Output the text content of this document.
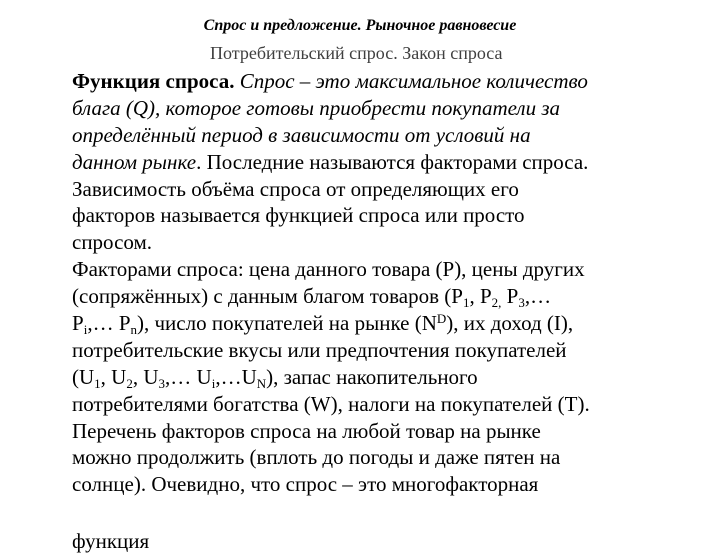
Спрос и предложение. Рыночное равновесие
Потребительский спрос. Закон спроса
Функция спроса. Спрос – это максимальное количество
блага (Q), которое готовы приобрести покупатели за
определённый период в зависимости от условий на
данном рынке. Последние называются факторами спроса.
Зависимость объёма спроса от определяющих его
факторов называется функцией спроса или просто
спросом.
Факторами спроса: цена данного товара (P), цены других
(сопряжённых) с данным благом товаров ($P_1$, $P_{2,}$ $P_3,\dots$
$P_i,\dots$ $P_n$), число покупателей на рынке $(N^D)$, их доход (I),
потребительские вкусы или предпочтения покупателей
($U_1$, $U_2$, $U_3,\dots$ $U_i,\dots U_N$), запас накопительного
потребителями богатства (W), налоги на покупателей (T).
Перечень факторов спроса на любой товар на рынке
можно продолжить (вплоть до погоды и даже пятен на
солнце). Очевидно, что спрос – это многофакторная
функция
